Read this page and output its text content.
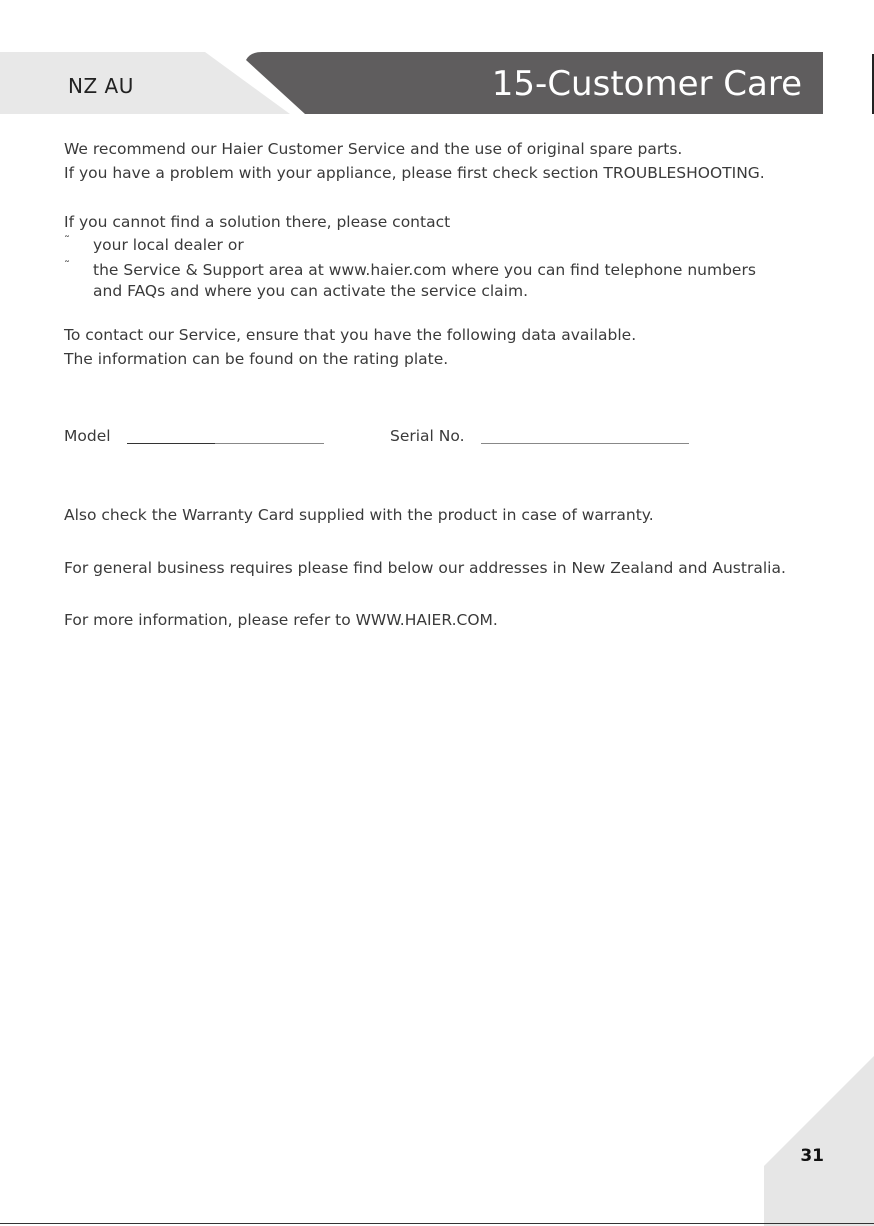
NZ AU	15-Customer Care
We recommend our Haier Customer Service and the use of original spare parts.
If you have a problem with your appliance, please first check section TROUBLESHOOTING.
If you cannot find a solution there, please contact
˜ your local dealer or
˜ the Service & Support area at www.haier.com where you can find telephone numbers
and FAQs and where you can activate the service claim.
To contact our Service, ensure that you have the following data available.
The information can be found on the rating plate.
Model	Serial No.
Also check the Warranty Card supplied with the product in case of warranty.
For general business requires please find below our addresses in New Zealand and Australia.
For more information, please refer to WWW.HAIER.COM.
31
